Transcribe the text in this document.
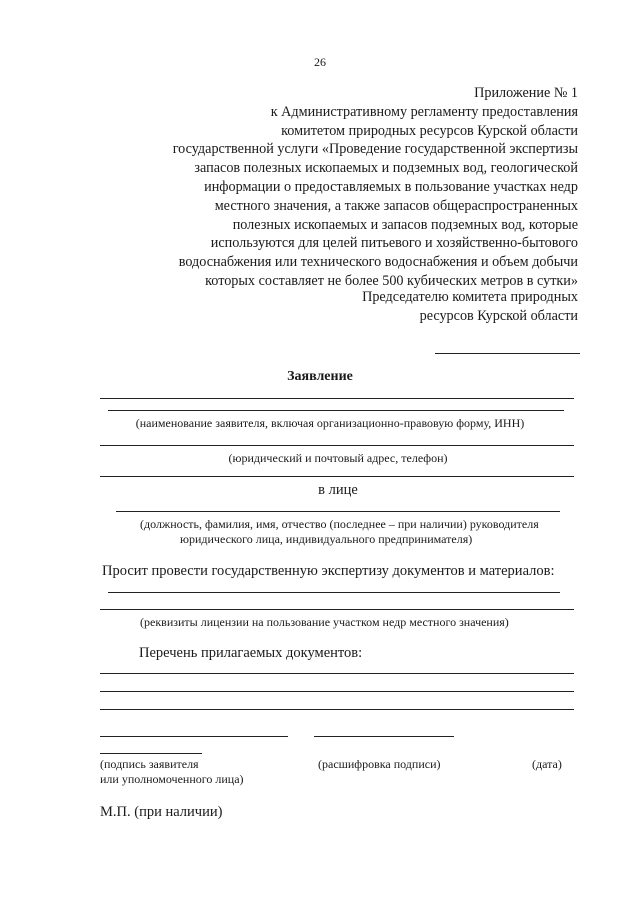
26
Приложение № 1
к Административному регламенту предоставления
комитетом природных ресурсов Курской области
государственной услуги «Проведение государственной экспертизы
запасов полезных ископаемых и подземных вод, геологической
информации о предоставляемых в пользование участках недр
местного значения, а также запасов общераспространенных
полезных ископаемых и запасов подземных вод, которые
используются для целей питьевого и хозяйственно-бытового
водоснабжения или технического водоснабжения и объем добычи
которых составляет не более 500 кубических метров в сутки»
Председателю комитета природных
ресурсов Курской области
Заявление
(наименование заявителя, включая организационно-правовую форму, ИНН)
(юридический и почтовый адрес, телефон)
в лице
(должность, фамилия, имя, отчество (последнее – при наличии) руководителя
юридического лица, индивидуального предпринимателя)
Просит провести государственную экспертизу документов и материалов:
(реквизиты лицензии на пользование участком недр местного значения)
Перечень прилагаемых документов:
(подпись заявителя
или уполномоченного лица)
(расшифровка подписи)	(дата)
М.П. (при наличии)
